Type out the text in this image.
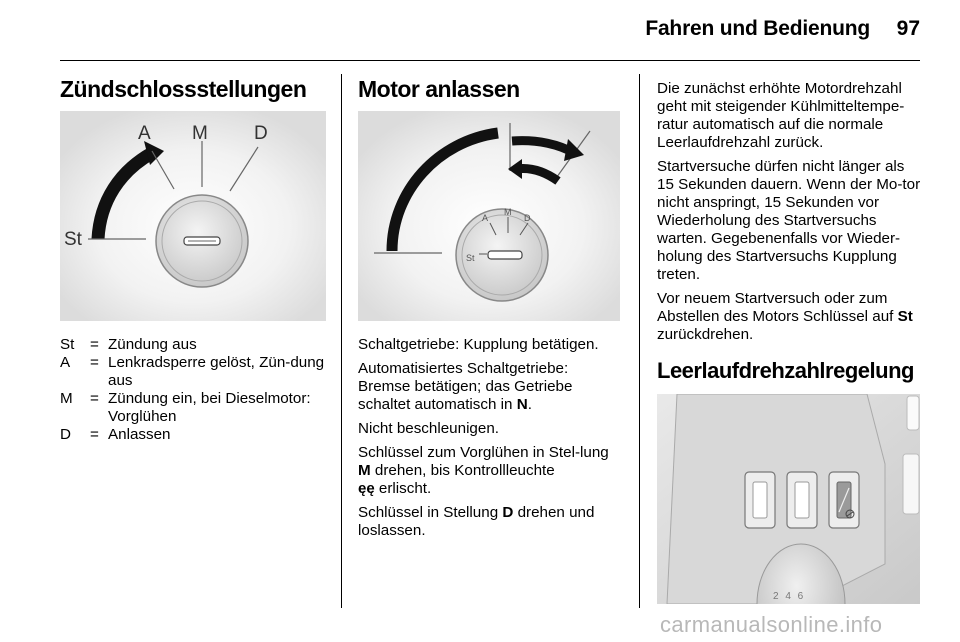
Fahren und Bedienung 97
Zündschlossstellungen
St
A M D
St	= Zündung aus
A	= Lenkradsperre gelöst, Zün-dung aus
M	= Zündung ein, bei Dieselmotor: Vorglühen
D	= Anlassen
Motor anlassen
St
A
M
D

Schaltgetriebe: Kupplung betätigen.

Automatisiertes Schaltgetriebe: Bremse betätigen; das Getriebe schaltet automatisch in N.

Nicht beschleunigen.

Schlüssel zum Vorglühen in Stel-lung M drehen, bis Kontrollleuchte
ęę erlischt.

Schlüssel in Stellung D drehen und loslassen.

Die zunächst erhöhte Motordrehzahl geht mit steigender Kühlmitteltempe-ratur automatisch auf die normale Leerlaufdrehzahl zurück.

Startversuche dürfen nicht länger als 15 Sekunden dauern. Wenn der Mo-tor nicht anspringt, 15 Sekunden vor Wiederholung des Startversuchs warten. Gegebenenfalls vor Wieder-holung des Startversuchs Kupplung treten.

Vor neuem Startversuch oder zum Abstellen des Motors Schlüssel auf St zurückdrehen.

Leerlaufdrehzahlregelung
2 4 6
carmanualsonline.info
